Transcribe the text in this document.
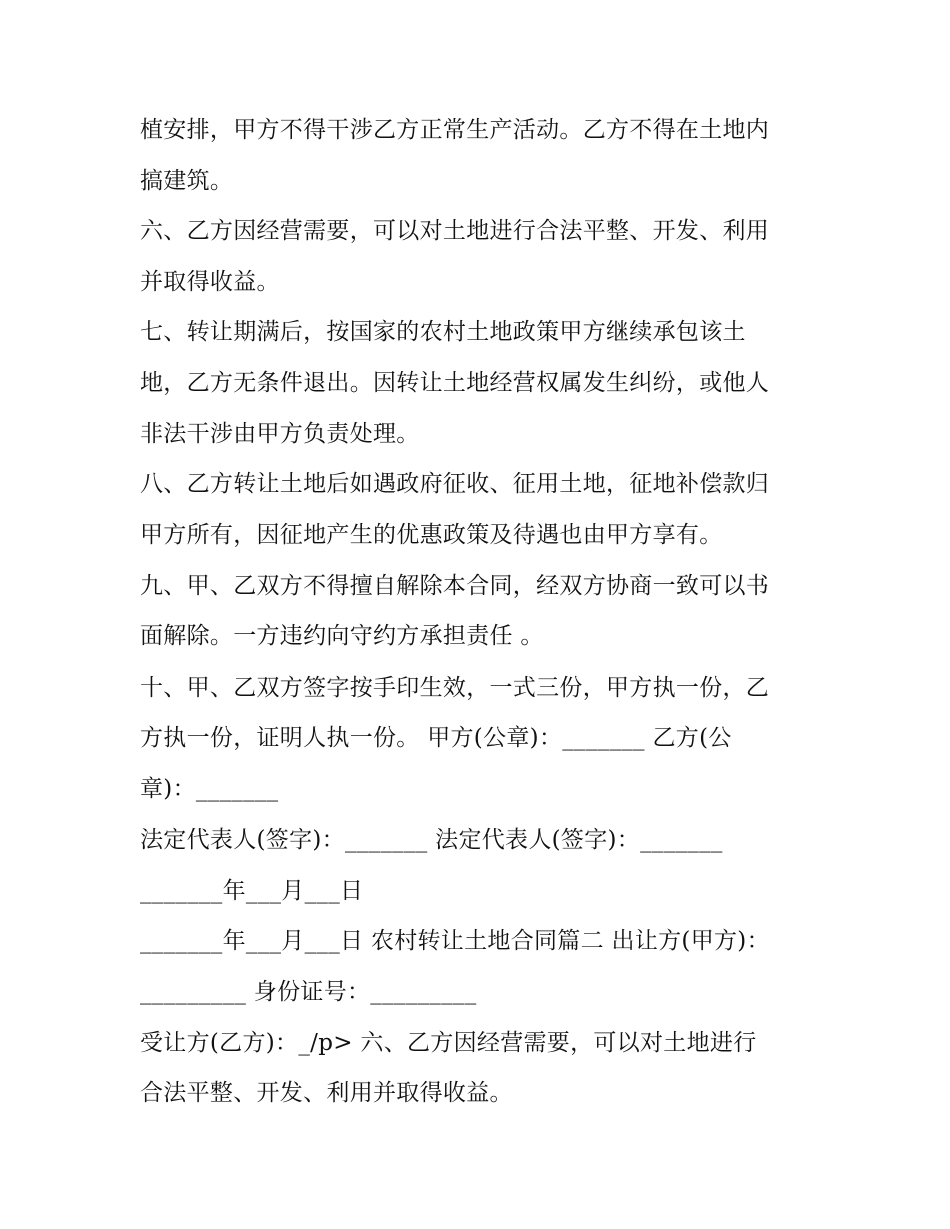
植安排，甲方不得干涉乙方正常生产活动。乙方不得在土地内
搞建筑。
六、乙方因经营需要，可以对土地进行合法平整、开发、利用
并取得收益。
七、转让期满后，按国家的农村土地政策甲方继续承包该土
地，乙方无条件退出。因转让土地经营权属发生纠纷，或他人
非法干涉由甲方负责处理。
八、乙方转让土地后如遇政府征收、征用土地，征地补偿款归
甲方所有，因征地产生的优惠政策及待遇也由甲方享有。
九、甲、乙双方不得擅自解除本合同，经双方协商一致可以书
面解除。一方违约向守约方承担责任 。
十、甲、乙双方签字按手印生效，一式三份，甲方执一份，乙
方执一份，证明人执一份。 甲方(公章)：_______ 乙方(公
章)：_______
法定代表人(签字)：_______ 法定代表人(签字)：_______
_______年___月___日
_______年___月___日 农村转让土地合同篇二 出让方(甲方)：
_________ 身份证号：_________
受让方(乙方)：_/p> 六、乙方因经营需要，可以对土地进行
合法平整、开发、利用并取得收益。
